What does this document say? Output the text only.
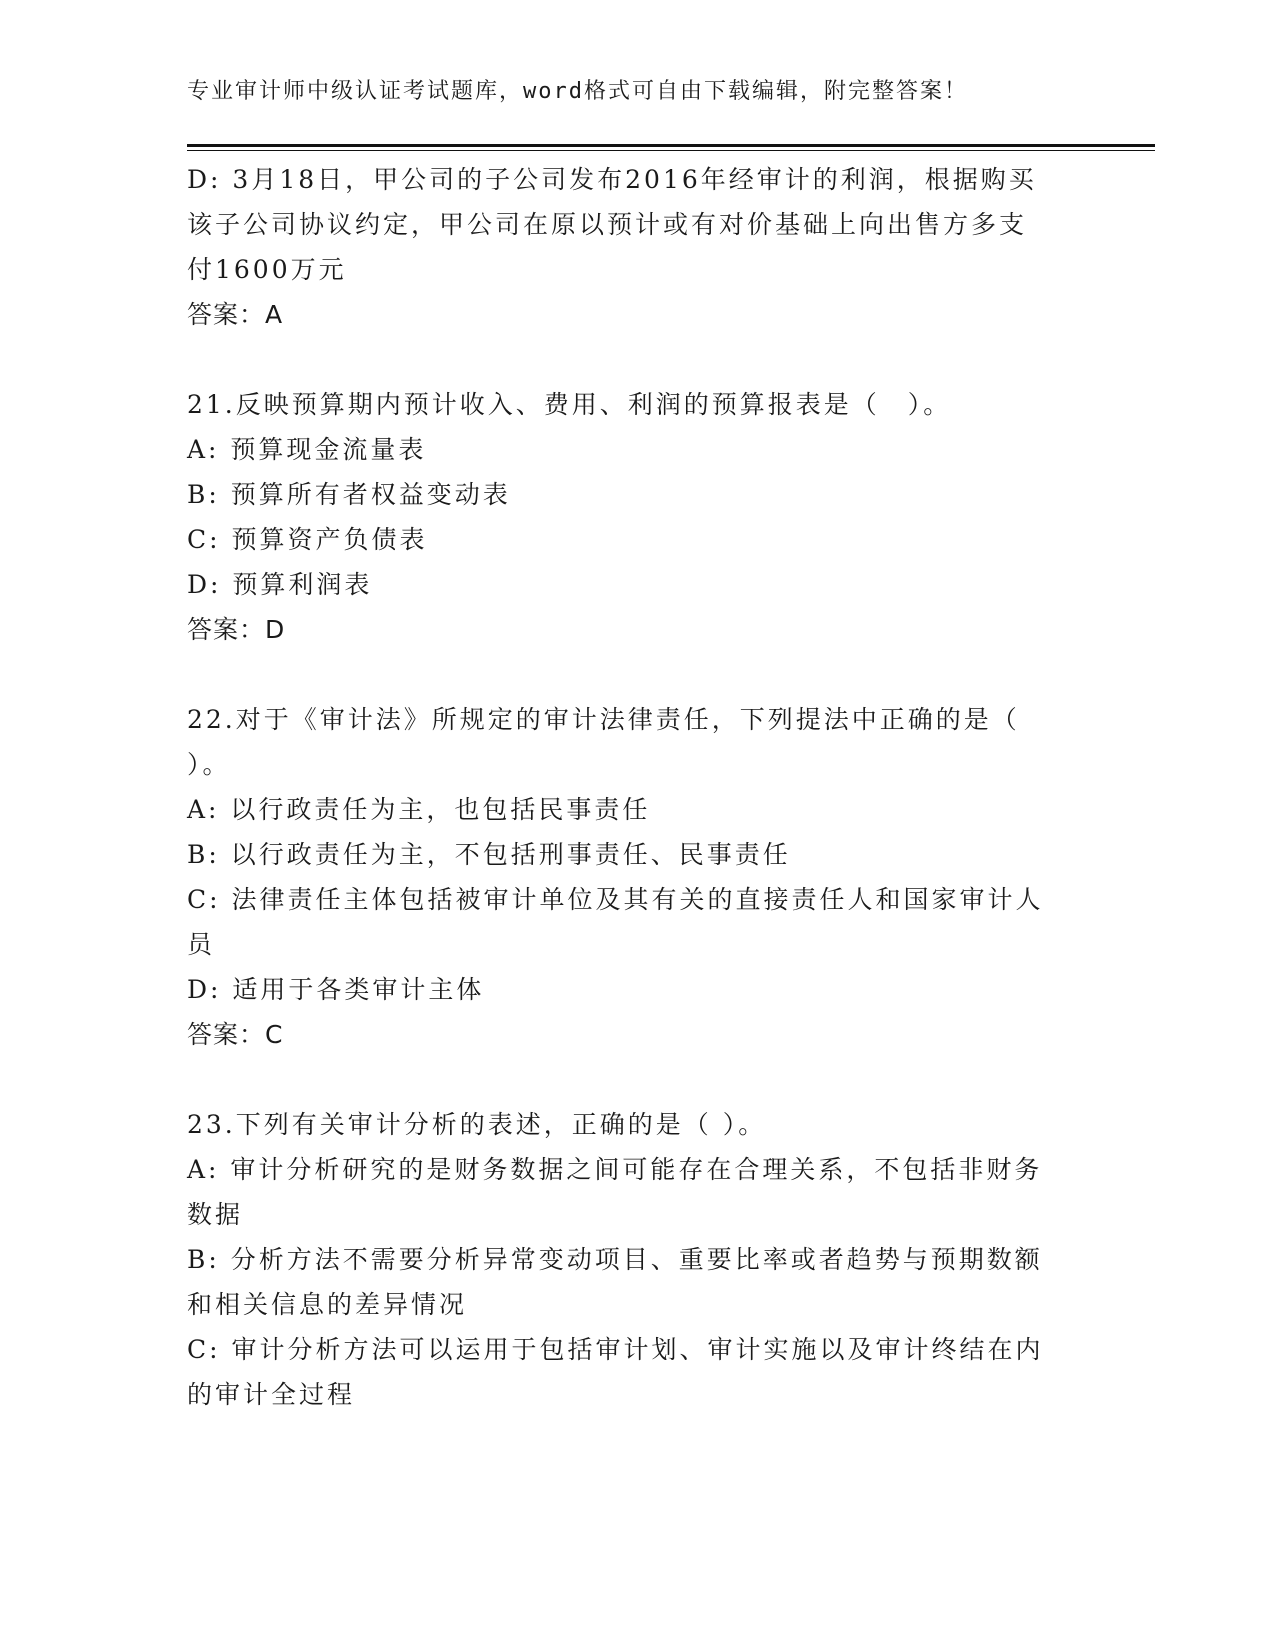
专业审计师中级认证考试题库，word格式可自由下载编辑，附完整答案！
D: 3月18日，甲公司的子公司发布2016年经审计的利润，根据购买
该子公司协议约定，甲公司在原以预计或有对价基础上向出售方多支
付1600万元
答案：A
21.反映预算期内预计收入、费用、利润的预算报表是（　）。
A: 预算现金流量表
B: 预算所有者权益变动表
C: 预算资产负债表
D: 预算利润表
答案：D
22.对于《审计法》所规定的审计法律责任，下列提法中正确的是（
）。
A: 以行政责任为主，也包括民事责任
B: 以行政责任为主，不包括刑事责任、民事责任
C: 法律责任主体包括被审计单位及其有关的直接责任人和国家审计人
员
D: 适用于各类审计主体
答案：C
23.下列有关审计分析的表述，正确的是（ ）。
A: 审计分析研究的是财务数据之间可能存在合理关系，不包括非财务
数据
B: 分析方法不需要分析异常变动项目、重要比率或者趋势与预期数额
和相关信息的差异情况
C: 审计分析方法可以运用于包括审计划、审计实施以及审计终结在内
的审计全过程
